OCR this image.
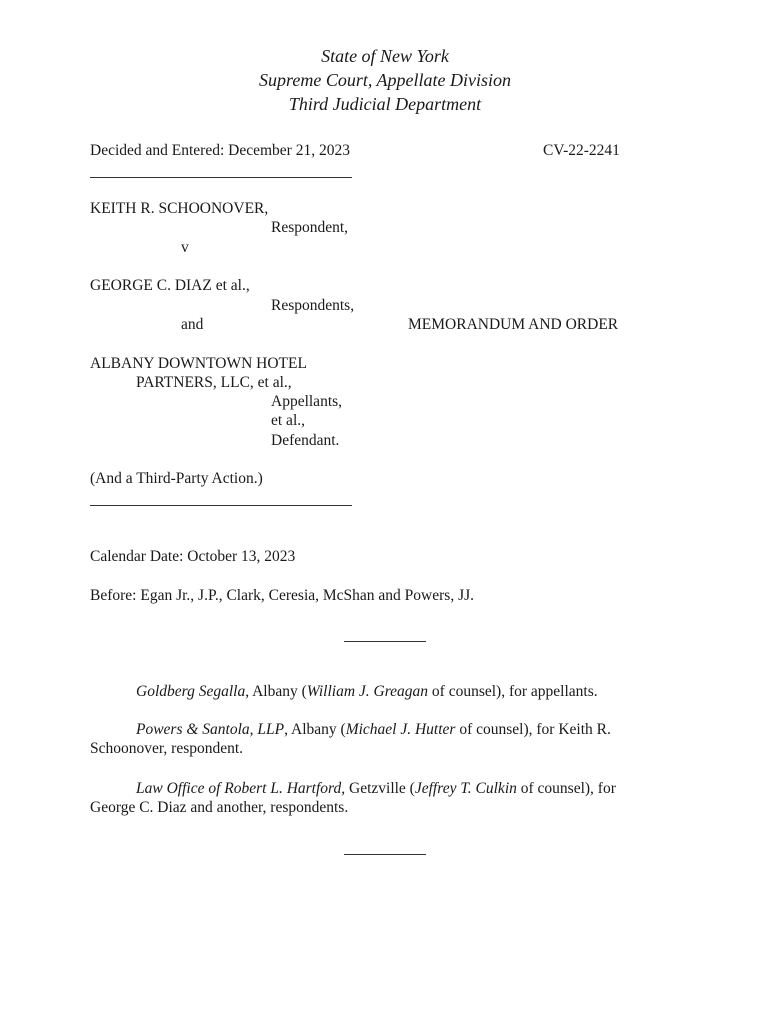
State of New York
Supreme Court, Appellate Division
Third Judicial Department
Decided and Entered: December 21, 2023	CV-22-2241
KEITH R. SCHOONOVER,
Respondent,
v
GEORGE C. DIAZ et al.,
Respondents,
and	MEMORANDUM AND ORDER
ALBANY DOWNTOWN HOTEL
PARTNERS, LLC, et al.,
Appellants,
et al.,
Defendant.
(And a Third-Party Action.)
Calendar Date: October 13, 2023
Before: Egan Jr., J.P., Clark, Ceresia, McShan and Powers, JJ.
Goldberg Segalla, Albany (William J. Greagan of counsel), for appellants.
Powers & Santola, LLP, Albany (Michael J. Hutter of counsel), for Keith R. Schoonover, respondent.
Law Office of Robert L. Hartford, Getzville (Jeffrey T. Culkin of counsel), for George C. Diaz and another, respondents.
